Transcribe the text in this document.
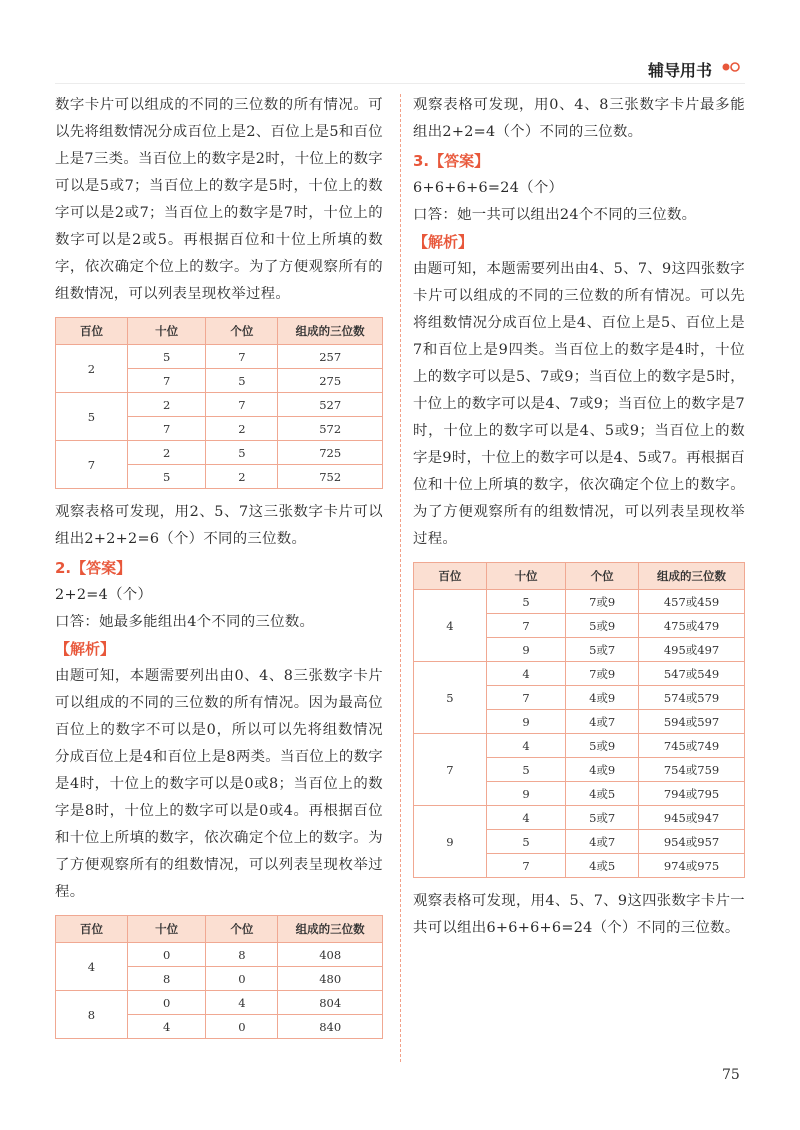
辅导用书

数字卡片可以组成的不同的三位数的所有情况。可以先将组数情况分成百位上是2、百位上是5和百位上是7三类。当百位上的数字是2时，十位上的数字可以是5或7；当百位上的数字是5时，十位上的数字可以是2或7；当百位上的数字是7时，十位上的数字可以是2或5。再根据百位和十位上所填的数字，依次确定个位上的数字。为了方便观察所有的组数情况，可以列表呈现枚举过程。

百位	十位	个位	组成的三位数
2	5	7	257
	7	5	275
5	2	7	527
	7	2	572
7	2	5	725
	5	2	752

观察表格可发现，用2、5、7这三张数字卡片可以组出2+2+2=6（个）不同的三位数。

2.【答案】

2+2=4（个）

口答：她最多能组出4个不同的三位数。

【解析】

由题可知，本题需要列出由0、4、8三张数字卡片可以组成的不同的三位数的所有情况。因为最高位百位上的数字不可以是0，所以可以先将组数情况分成百位上是4和百位上是8两类。当百位上的数字是4时，十位上的数字可以是0或8；当百位上的数字是8时，十位上的数字可以是0或4。再根据百位和十位上所填的数字，依次确定个位上的数字。为了方便观察所有的组数情况，可以列表呈现枚举过程。

百位	十位	个位	组成的三位数
4	0	8	408
	8	0	480
8	0	4	804
	4	0	840

观察表格可发现，用0、4、8三张数字卡片最多能组出2+2=4（个）不同的三位数。

3.【答案】

6+6+6+6=24（个）

口答：她一共可以组出24个不同的三位数。

【解析】

由题可知，本题需要列出由4、5、7、9这四张数字卡片可以组成的不同的三位数的所有情况。可以先将组数情况分成百位上是4、百位上是5、百位上是7和百位上是9四类。当百位上的数字是4时，十位上的数字可以是5、7或9；当百位上的数字是5时，十位上的数字可以是4、7或9；当百位上的数字是7时，十位上的数字可以是4、5或9；当百位上的数字是9时，十位上的数字可以是4、5或7。再根据百位和十位上所填的数字，依次确定个位上的数字。为了方便观察所有的组数情况，可以列表呈现枚举过程。

百位	十位	个位	组成的三位数
4	5	7或9	457或459
	7	5或9	475或479
	9	5或7	495或497
5	4	7或9	547或549
	7	4或9	574或579
	9	4或7	594或597
7	4	5或9	745或749
	5	4或9	754或759
	9	4或5	794或795
9	4	5或7	945或947
	5	4或7	954或957
	7	4或5	974或975

观察表格可发现，用4、5、7、9这四张数字卡片一共可以组出6+6+6+6=24（个）不同的三位数。

75
